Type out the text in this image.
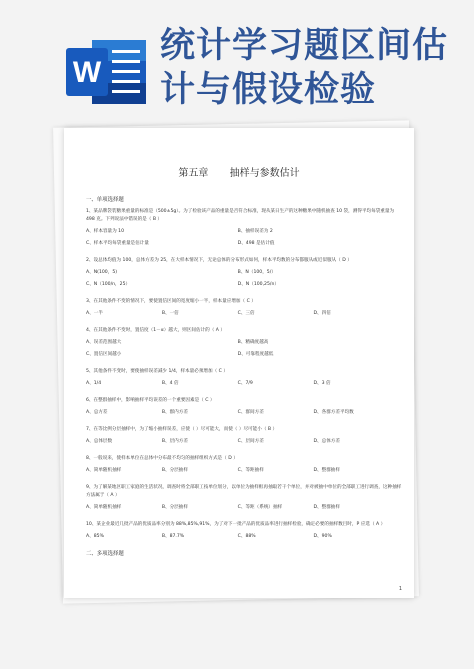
W
统计学习题区间估
计与假设检验
第五章 抽样与参数估计
一、单项选择题
1、某品牌袋装糖果重量的标准是（500±5g）。为了检验该产品的重量是否符合标准，现从某日生产的这种糖果中随机抽查 10 袋，测得平均每袋重量为 498 克。下列说法中错误的是（ B ）
A、样本容量为 10	B、抽样误差为 2
C、样本平均每袋重量是估计量	D、498 是估计值
2、设总体均值为 100，总体方差为 25，在大样本情况下，无论总体的分布形式如何，样本平均数的分布都服从或近似服从（ D ）
A、N(100，5)	B、N（100，5/）
C、N（100/n，25）	D、N（100,25/n）
3、在其他条件不变的情况下，要使置信区间的宽度缩小一半，样本量应增加（ C ）
A、一半	B、一倍	C、三倍	D、四倍
4、在其他条件不变时，置信度（1－α）越大，则区间估计的（ A ）
A、误差范围越大	B、精确度越高
C、置信区间越小	D、可靠程度越低
5、其他条件不变时，要使抽样误差减少 1/4，样本量必须增加（ C ）
A、1/4	B、4 倍	C、7/9	D、3 倍
6、在整群抽样中，影响抽样平均误差的一个重要因素是（ C ）
A、总方差	B、群内方差	C、群间方差	D、各群方差平均数
7、在等比例分层抽样中，为了缩小抽样误差，应使（ ）尽可能大，而使（ ）尽可能小（ B ）
A、总体层数	B、层内方差	C、层间方差	D、总体方差
8、一般说来，使样本单位在总体中分布最不均匀的抽样组织方式是（ D ）
A、简单随机抽样	B、分层抽样	C、等距抽样	D、整群抽样
9、为了解某地区职工家庭的生活状况，调查时将全部职工按单位划分，以单位为抽样框再抽取若干个单位，并对被抽中单位的全部职工进行调查，这种抽样方法属于（ A ）
A、简单随机抽样	B、分层抽样	C、等距（系统）抽样	D、整群抽样
10、某企业最近几批产品的优质品率分别为 88%,85%,91%，为了对下一批产品的优质品率进行抽样检验，确定必要的抽样数目时，P 应选（ A ）
A、85%	B、87.7%	C、88%	D、90%
二、多项选择题
1
